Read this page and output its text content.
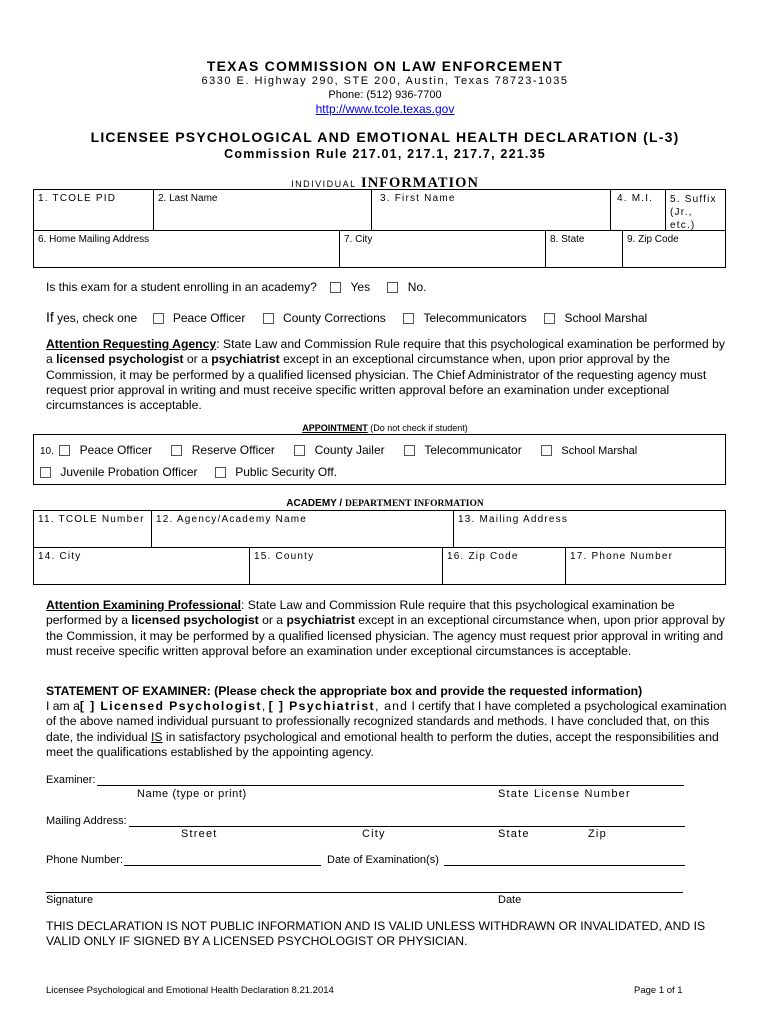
TEXAS COMMISSION ON LAW ENFORCEMENT
6330 E. Highway 290, STE 200, Austin, Texas 78723-1035
Phone: (512) 936-7700
http://www.tcole.texas.gov
LICENSEE PSYCHOLOGICAL AND EMOTIONAL HEALTH DECLARATION (L-3)
Commission Rule 217.01, 217.1, 217.7, 221.35
INDIVIDUAL INFORMATION
1. TCOLE PID	2. Last Name	3. First Name	4. M.I.	5. Suffix (Jr., etc.)
6. Home Mailing Address	7. City	8. State	9. Zip Code
Is this exam for a student enrolling in an academy?	Yes	No.
If yes, check one	Peace Officer	County Corrections	Telecommunicators	School Marshal
Attention Requesting Agency: State Law and Commission Rule require that this psychological examination be performed by a licensed psychologist or a psychiatrist except in an exceptional circumstance when, upon prior approval by the Commission, it may be performed by a qualified licensed physician. The Chief Administrator of the requesting agency must request prior approval in writing and must receive specific written approval before an examination under exceptional circumstances is acceptable.
APPOINTMENT (Do not check if student)
10. Peace Officer	Reserve Officer	County Jailer	Telecommunicator	School Marshal
Juvenile Probation Officer	Public Security Off.
ACADEMY / DEPARTMENT INFORMATION
11. TCOLE Number	12. Agency/Academy Name	13. Mailing Address
14. City	15. County	16. Zip Code	17. Phone Number
Attention Examining Professional: State Law and Commission Rule require that this psychological examination be performed by a licensed psychologist or a psychiatrist except in an exceptional circumstance when, upon prior approval by the Commission, it may be performed by a qualified licensed physician. The agency must request prior approval in writing and must receive specific written approval before an examination under exceptional circumstances is acceptable.
STATEMENT OF EXAMINER: (Please check the appropriate box and provide the requested information)
I am a[ ] Licensed Psychologist, [ ] Psychiatrist, and I certify that I have completed a psychological examination of the above named individual pursuant to professionally recognized standards and methods. I have concluded that, on this date, the individual IS in satisfactory psychological and emotional health to perform the duties, accept the responsibilities and meet the qualifications established by the appointing agency.
Examiner:
Name (type or print)	State License Number
Mailing Address:
Street	City	State	Zip
Phone Number:	Date of Examination(s)
Signature	Date
THIS DECLARATION IS NOT PUBLIC INFORMATION AND IS VALID UNLESS WITHDRAWN OR INVALIDATED, AND IS VALID ONLY IF SIGNED BY A LICENSED PSYCHOLOGIST OR PHYSICIAN.
Licensee Psychological and Emotional Health Declaration 8.21.2014	Page 1 of 1
